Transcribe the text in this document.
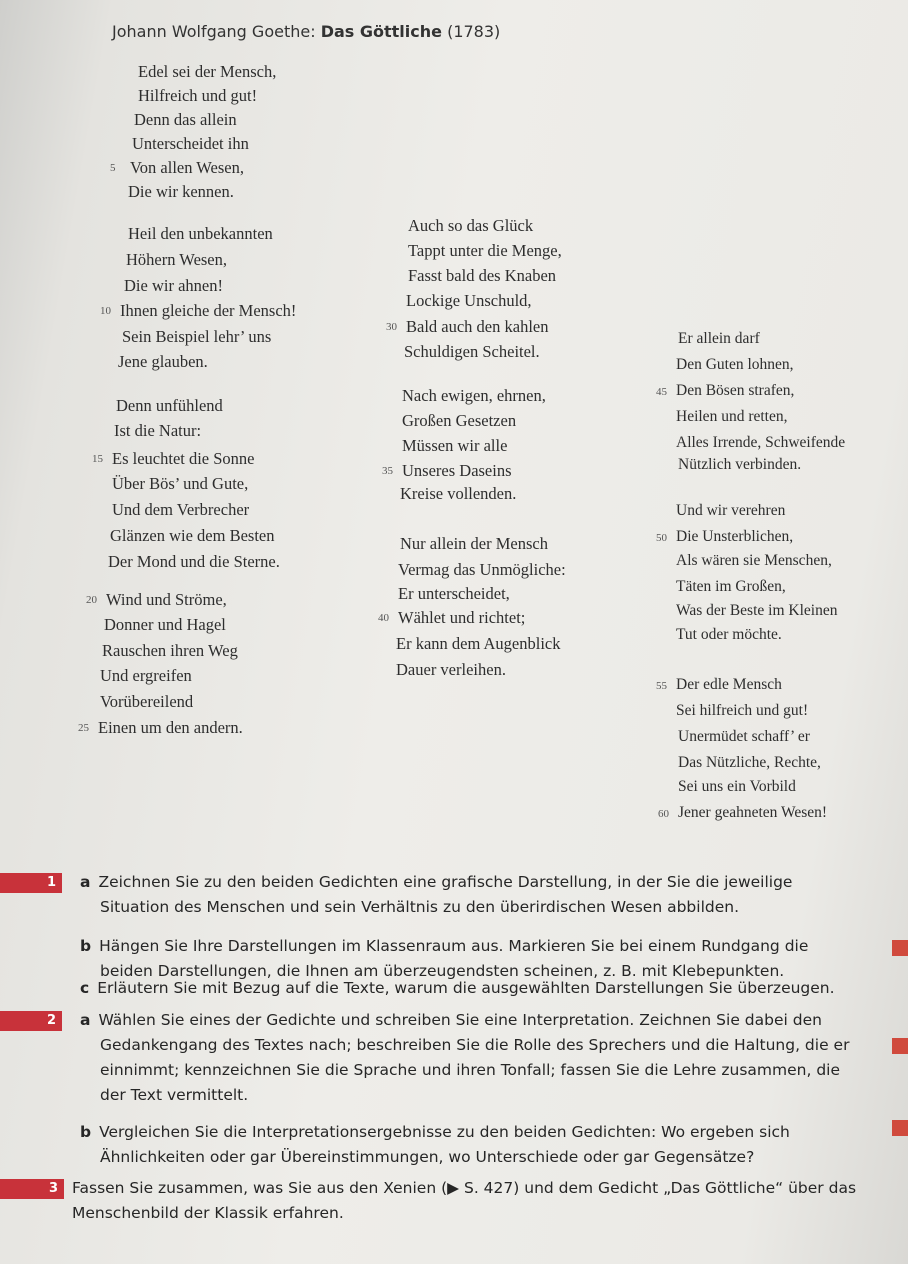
Johann Wolfgang Goethe: Das Göttliche (1783)
Edel sei der Mensch,
Hilfreich und gut!
Denn das allein
Unterscheidet ihn
Von allen Wesen,
5
Die wir kennen.
Heil den unbekannten
Höhern Wesen,
Die wir ahnen!
Ihnen gleiche der Mensch!
10
Sein Beispiel lehr’ uns
Jene glauben.
Denn unfühlend
Ist die Natur:
Es leuchtet die Sonne
15
Über Bös’ und Gute,
Und dem Verbrecher
Glänzen wie dem Besten
Der Mond und die Sterne.
Wind und Ströme,
20
Donner und Hagel
Rauschen ihren Weg
Und ergreifen
Vorübereilend
Einen um den andern.
25
Auch so das Glück
Tappt unter die Menge,
Fasst bald des Knaben
Lockige Unschuld,
Bald auch den kahlen
30
Schuldigen Scheitel.
Nach ewigen, ehrnen,
Großen Gesetzen
Müssen wir alle
Unseres Daseins
35
Kreise vollenden.
Nur allein der Mensch
Vermag das Unmögliche:
Er unterscheidet,
Wählet und richtet;
40
Er kann dem Augenblick
Dauer verleihen.
Er allein darf
Den Guten lohnen,
Den Bösen strafen,
45
Heilen und retten,
Alles Irrende, Schweifende
Nützlich verbinden.
Und wir verehren
Die Unsterblichen,
50
Als wären sie Menschen,
Täten im Großen,
Was der Beste im Kleinen
Tut oder möchte.
Der edle Mensch
55
Sei hilfreich und gut!
Unermüdet schaff’ er
Das Nützliche, Rechte,
Sei uns ein Vorbild
Jener geahneten Wesen!
60
1	a Zeichnen Sie zu den beiden Gedichten eine grafische Darstellung, in der Sie die jeweilige
Situation des Menschen und sein Verhältnis zu den überirdischen Wesen abbilden.
b Hängen Sie Ihre Darstellungen im Klassenraum aus. Markieren Sie bei einem Rundgang die
beiden Darstellungen, die Ihnen am überzeugendsten scheinen, z. B. mit Klebepunkten.
c Erläutern Sie mit Bezug auf die Texte, warum die ausgewählten Darstellungen Sie überzeugen.
2	a Wählen Sie eines der Gedichte und schreiben Sie eine Interpretation. Zeichnen Sie dabei den
Gedankengang des Textes nach; beschreiben Sie die Rolle des Sprechers und die Haltung, die er
einnimmt; kennzeichnen Sie die Sprache und ihren Tonfall; fassen Sie die Lehre zusammen, die
der Text vermittelt.
b Vergleichen Sie die Interpretationsergebnisse zu den beiden Gedichten: Wo ergeben sich
Ähnlichkeiten oder gar Übereinstimmungen, wo Unterschiede oder gar Gegensätze?
3 Fassen Sie zusammen, was Sie aus den Xenien (▶ S. 427) und dem Gedicht „Das Göttliche“ über das
Menschenbild der Klassik erfahren.
